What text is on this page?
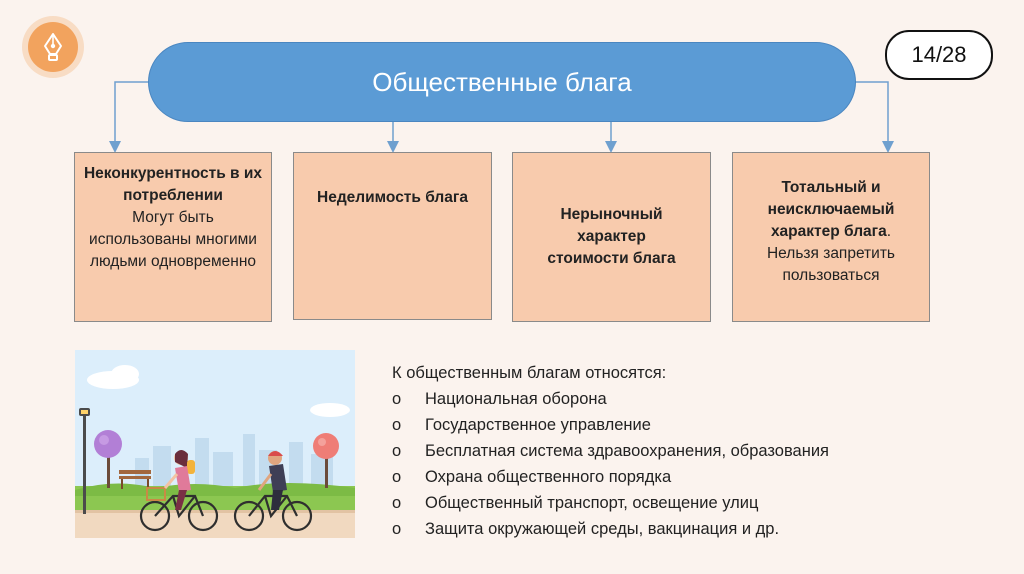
14/28
Общественные блага
Неконкурентность в их потреблении
Могут быть использованы многими людьми одновременно
Неделимость блага
Нерыночный характер стоимости блага
Тотальный и неисключаемый характер блага.
Нельзя запретить пользоваться

К общественным благам относятся:

o	Национальная оборона
o	Государственное управление
o	Бесплатная система здравоохранения, образования
o	Охрана общественного порядка
o	Общественный транспорт, освещение улиц
o	Защита окружающей среды, вакцинация и др.
